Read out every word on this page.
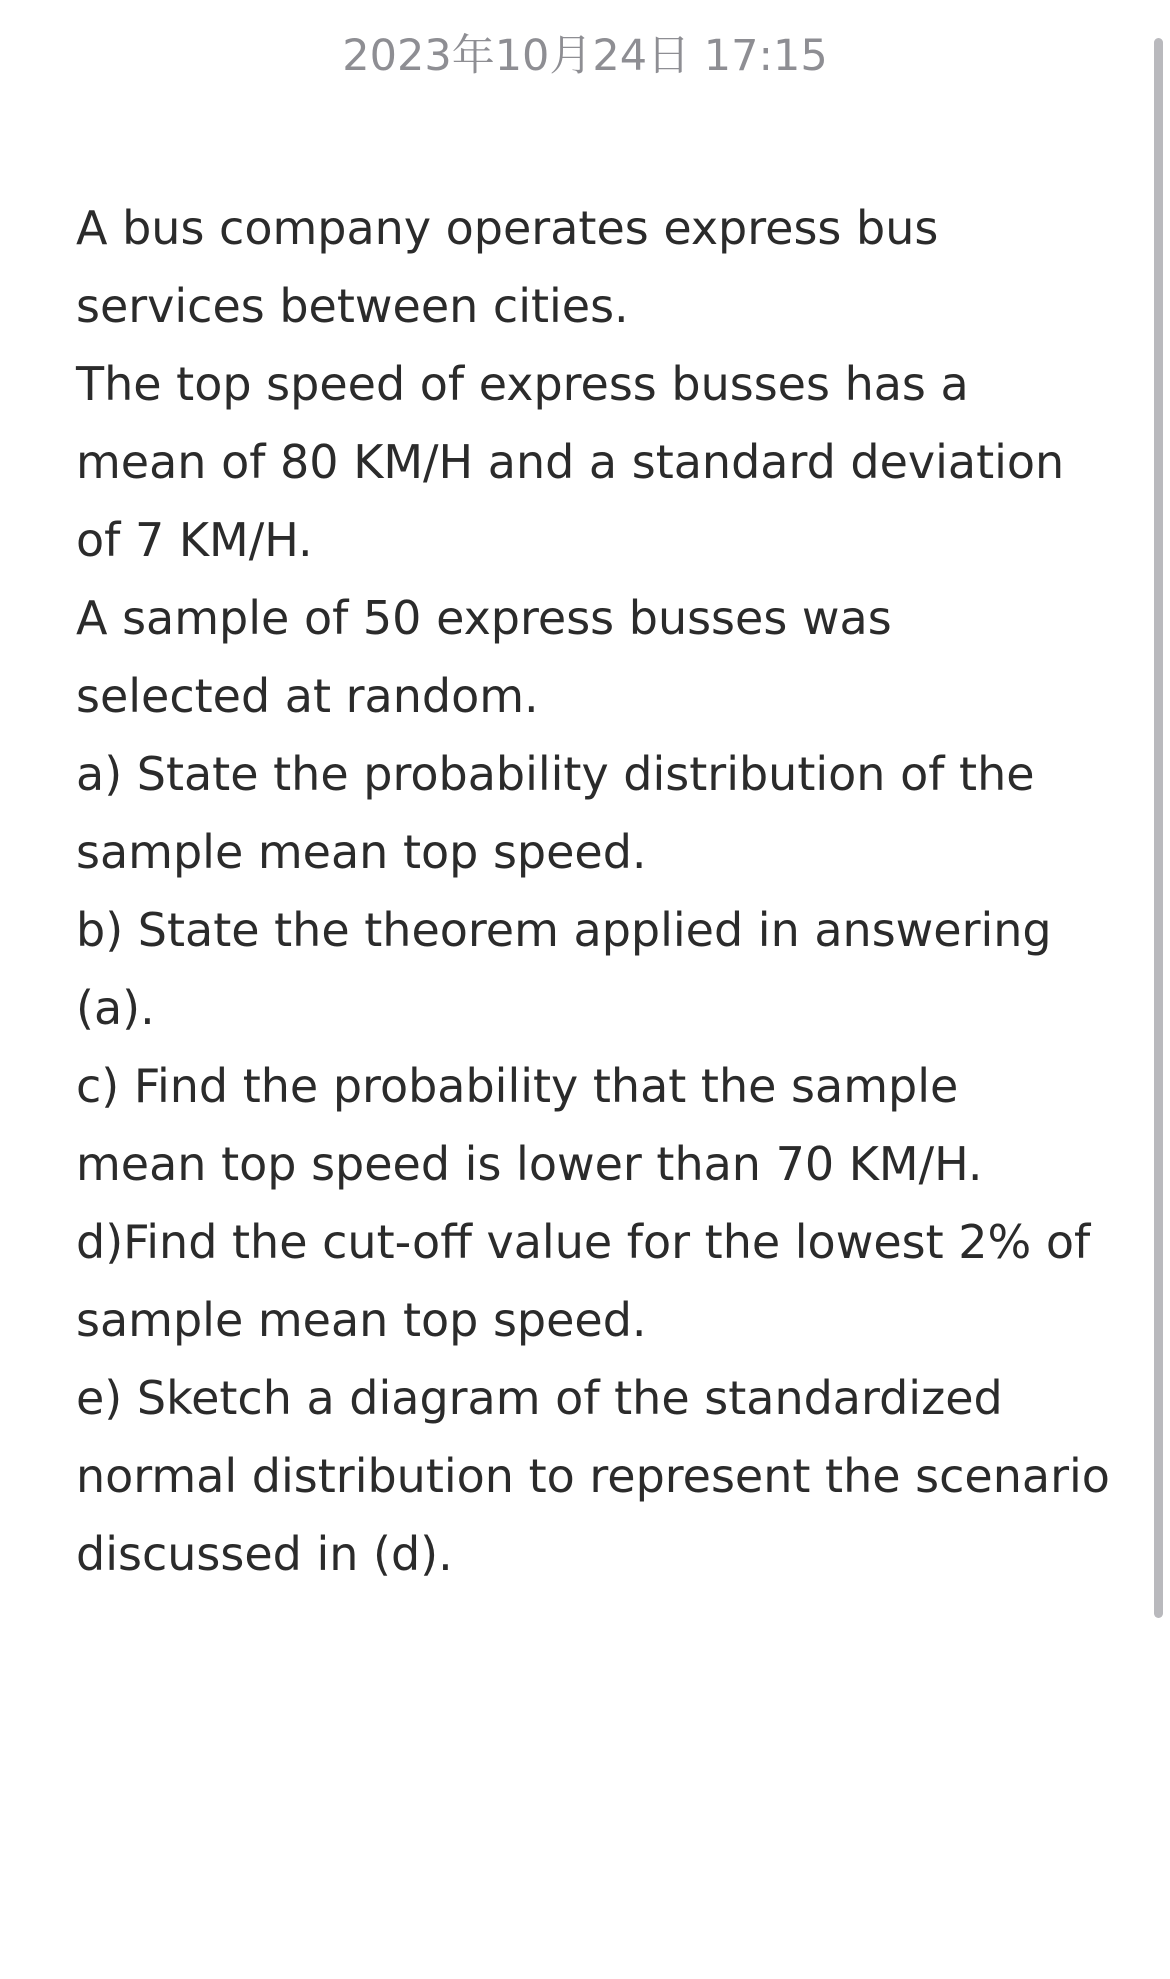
2023年10月24日 17:15
A bus company operates express bus
services between cities.
The top speed of express busses has a
mean of 80 KM/H and a standard deviation
of 7 KM/H.
A sample of 50 express busses was
selected at random.
a) State the probability distribution of the
sample mean top speed.
b) State the theorem applied in answering
(a).
c) Find the probability that the sample
mean top speed is lower than 70 KM/H.
d)Find the cut-off value for the lowest 2% of
sample mean top speed.
e) Sketch a diagram of the standardized
normal distribution to represent the scenario
discussed in (d).
